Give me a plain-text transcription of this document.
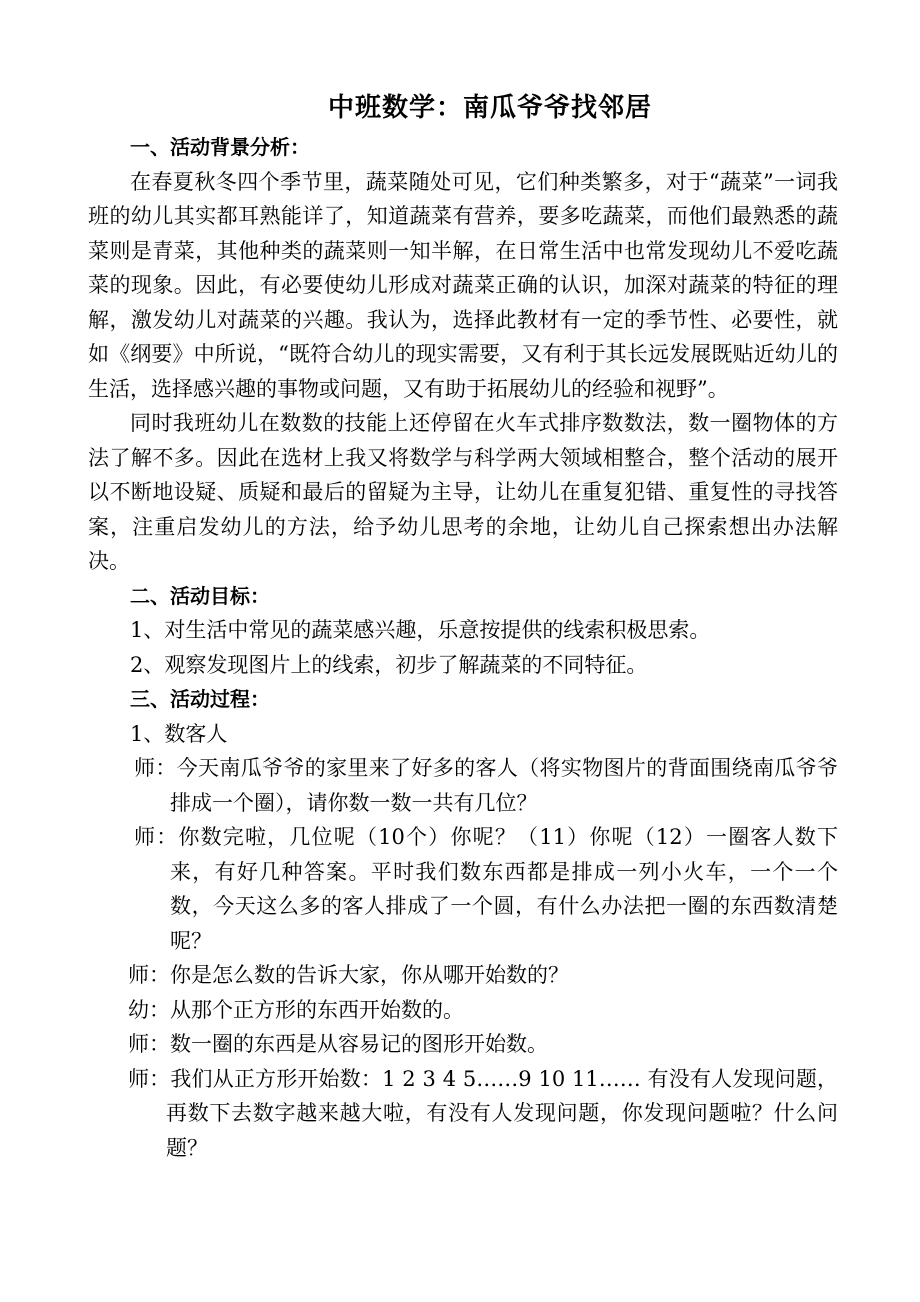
中班数学：南瓜爷爷找邻居

一、活动背景分析：

在春夏秋冬四个季节里，蔬菜随处可见，它们种类繁多，对于“蔬菜”一词我班的幼儿其实都耳熟能详了，知道蔬菜有营养，要多吃蔬菜，而他们最熟悉的蔬菜则是青菜，其他种类的蔬菜则一知半解，在日常生活中也常发现幼儿不爱吃蔬菜的现象。因此，有必要使幼儿形成对蔬菜正确的认识，加深对蔬菜的特征的理解，激发幼儿对蔬菜的兴趣。我认为，选择此教材有一定的季节性、必要性，就如《纲要》中所说，“既符合幼儿的现实需要，又有利于其长远发展既贴近幼儿的生活，选择感兴趣的事物或问题，又有助于拓展幼儿的经验和视野”。

同时我班幼儿在数数的技能上还停留在火车式排序数数法，数一圈物体的方法了解不多。因此在选材上我又将数学与科学两大领域相整合，整个活动的展开以不断地设疑、质疑和最后的留疑为主导，让幼儿在重复犯错、重复性的寻找答案，注重启发幼儿的方法，给予幼儿思考的余地，让幼儿自己探索想出办法解决。

二、活动目标：

1、对生活中常见的蔬菜感兴趣，乐意按提供的线索积极思索。

2、观察发现图片上的线索，初步了解蔬菜的不同特征。

三、活动过程：

1、数客人

师：今天南瓜爷爷的家里来了好多的客人（将实物图片的背面围绕南瓜爷爷排成一个圈），请你数一数一共有几位？

师：你数完啦，几位呢（10个）你呢？（11）你呢（12）一圈客人数下来，有好几种答案。平时我们数东西都是排成一列小火车，一个一个数，今天这么多的客人排成了一个圆，有什么办法把一圈的东西数清楚呢？

师：你是怎么数的告诉大家，你从哪开始数的？

幼：从那个正方形的东西开始数的。

师：数一圈的东西是从容易记的图形开始数。

师：我们从正方形开始数：1 2 3 4 5……9 10 11…… 有没有人发现问题，再数下去数字越来越大啦，有没有人发现问题，你发现问题啦？什么问题？
